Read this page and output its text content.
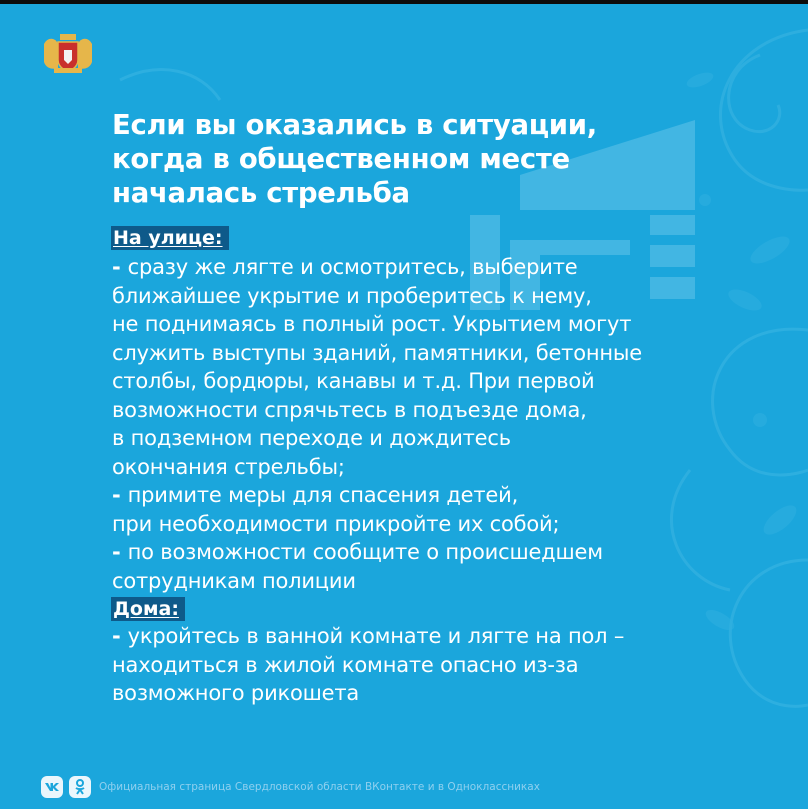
Если вы оказались в ситуации,
когда в общественном месте
началась стрельба
На улице:
- сразу же лягте и осмотритесь, выберите
ближайшее укрытие и проберитесь к нему,
не поднимаясь в полный рост. Укрытием могут
служить выступы зданий, памятники, бетонные
столбы, бордюры, канавы и т.д. При первой
возможности спрячьтесь в подъезде дома,
в подземном переходе и дождитесь
окончания стрельбы;
- примите меры для спасения детей,
при необходимости прикройте их собой;
- по возможности сообщите о происшедшем
сотрудникам полиции
Дома:
- укройтесь в ванной комнате и лягте на пол –
находиться в жилой комнате опасно из-за
возможного рикошета
Официальная страница Свердловской области ВКонтакте и в Одноклассниках
